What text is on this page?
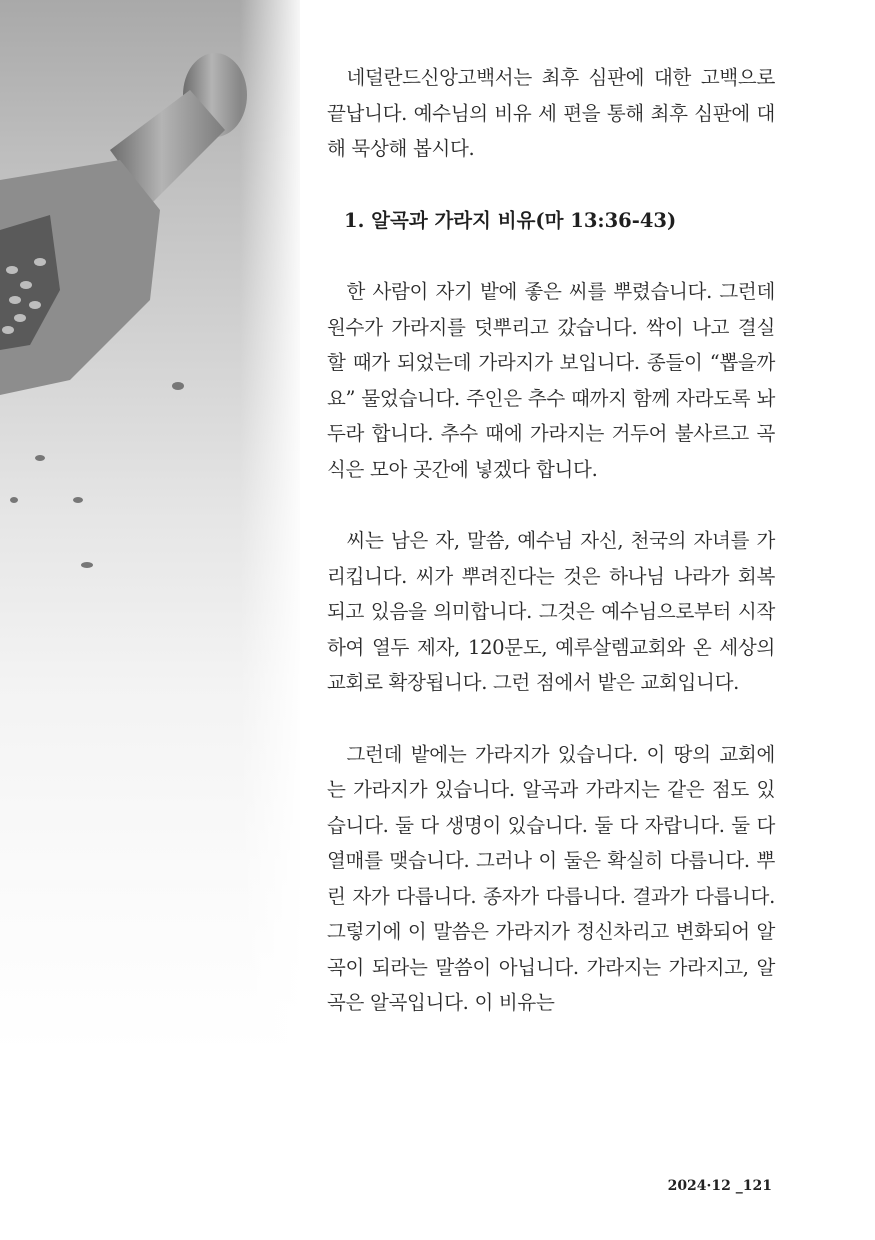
네덜란드신앙고백서는 최후 심판에 대한 고백으로 끝납니다. 예수님의 비유 세 편을 통해 최후 심판에 대해 묵상해 봅시다.

1. 알곡과 가라지 비유(마 13:36-43)

한 사람이 자기 밭에 좋은 씨를 뿌렸습니다. 그런데 원수가 가라지를 덧뿌리고 갔습니다. 싹이 나고 결실할 때가 되었는데 가라지가 보입니다. 종들이 “뽑을까요” 물었습니다. 주인은 추수 때까지 함께 자라도록 놔두라 합니다. 추수 때에 가라지는 거두어 불사르고 곡식은 모아 곳간에 넣겠다 합니다.

씨는 남은 자, 말씀, 예수님 자신, 천국의 자녀를 가리킵니다. 씨가 뿌려진다는 것은 하나님 나라가 회복되고 있음을 의미합니다. 그것은 예수님으로부터 시작하여 열두 제자, 120문도, 예루살렘교회와 온 세상의 교회로 확장됩니다. 그런 점에서 밭은 교회입니다.

그런데 밭에는 가라지가 있습니다. 이 땅의 교회에는 가라지가 있습니다. 알곡과 가라지는 같은 점도 있습니다. 둘 다 생명이 있습니다. 둘 다 자랍니다. 둘 다 열매를 맺습니다. 그러나 이 둘은 확실히 다릅니다. 뿌린 자가 다릅니다. 종자가 다릅니다. 결과가 다릅니다. 그렇기에 이 말씀은 가라지가 정신차리고 변화되어 알곡이 되라는 말씀이 아닙니다. 가라지는 가라지고, 알곡은 알곡입니다. 이 비유는

2024·12 _121
